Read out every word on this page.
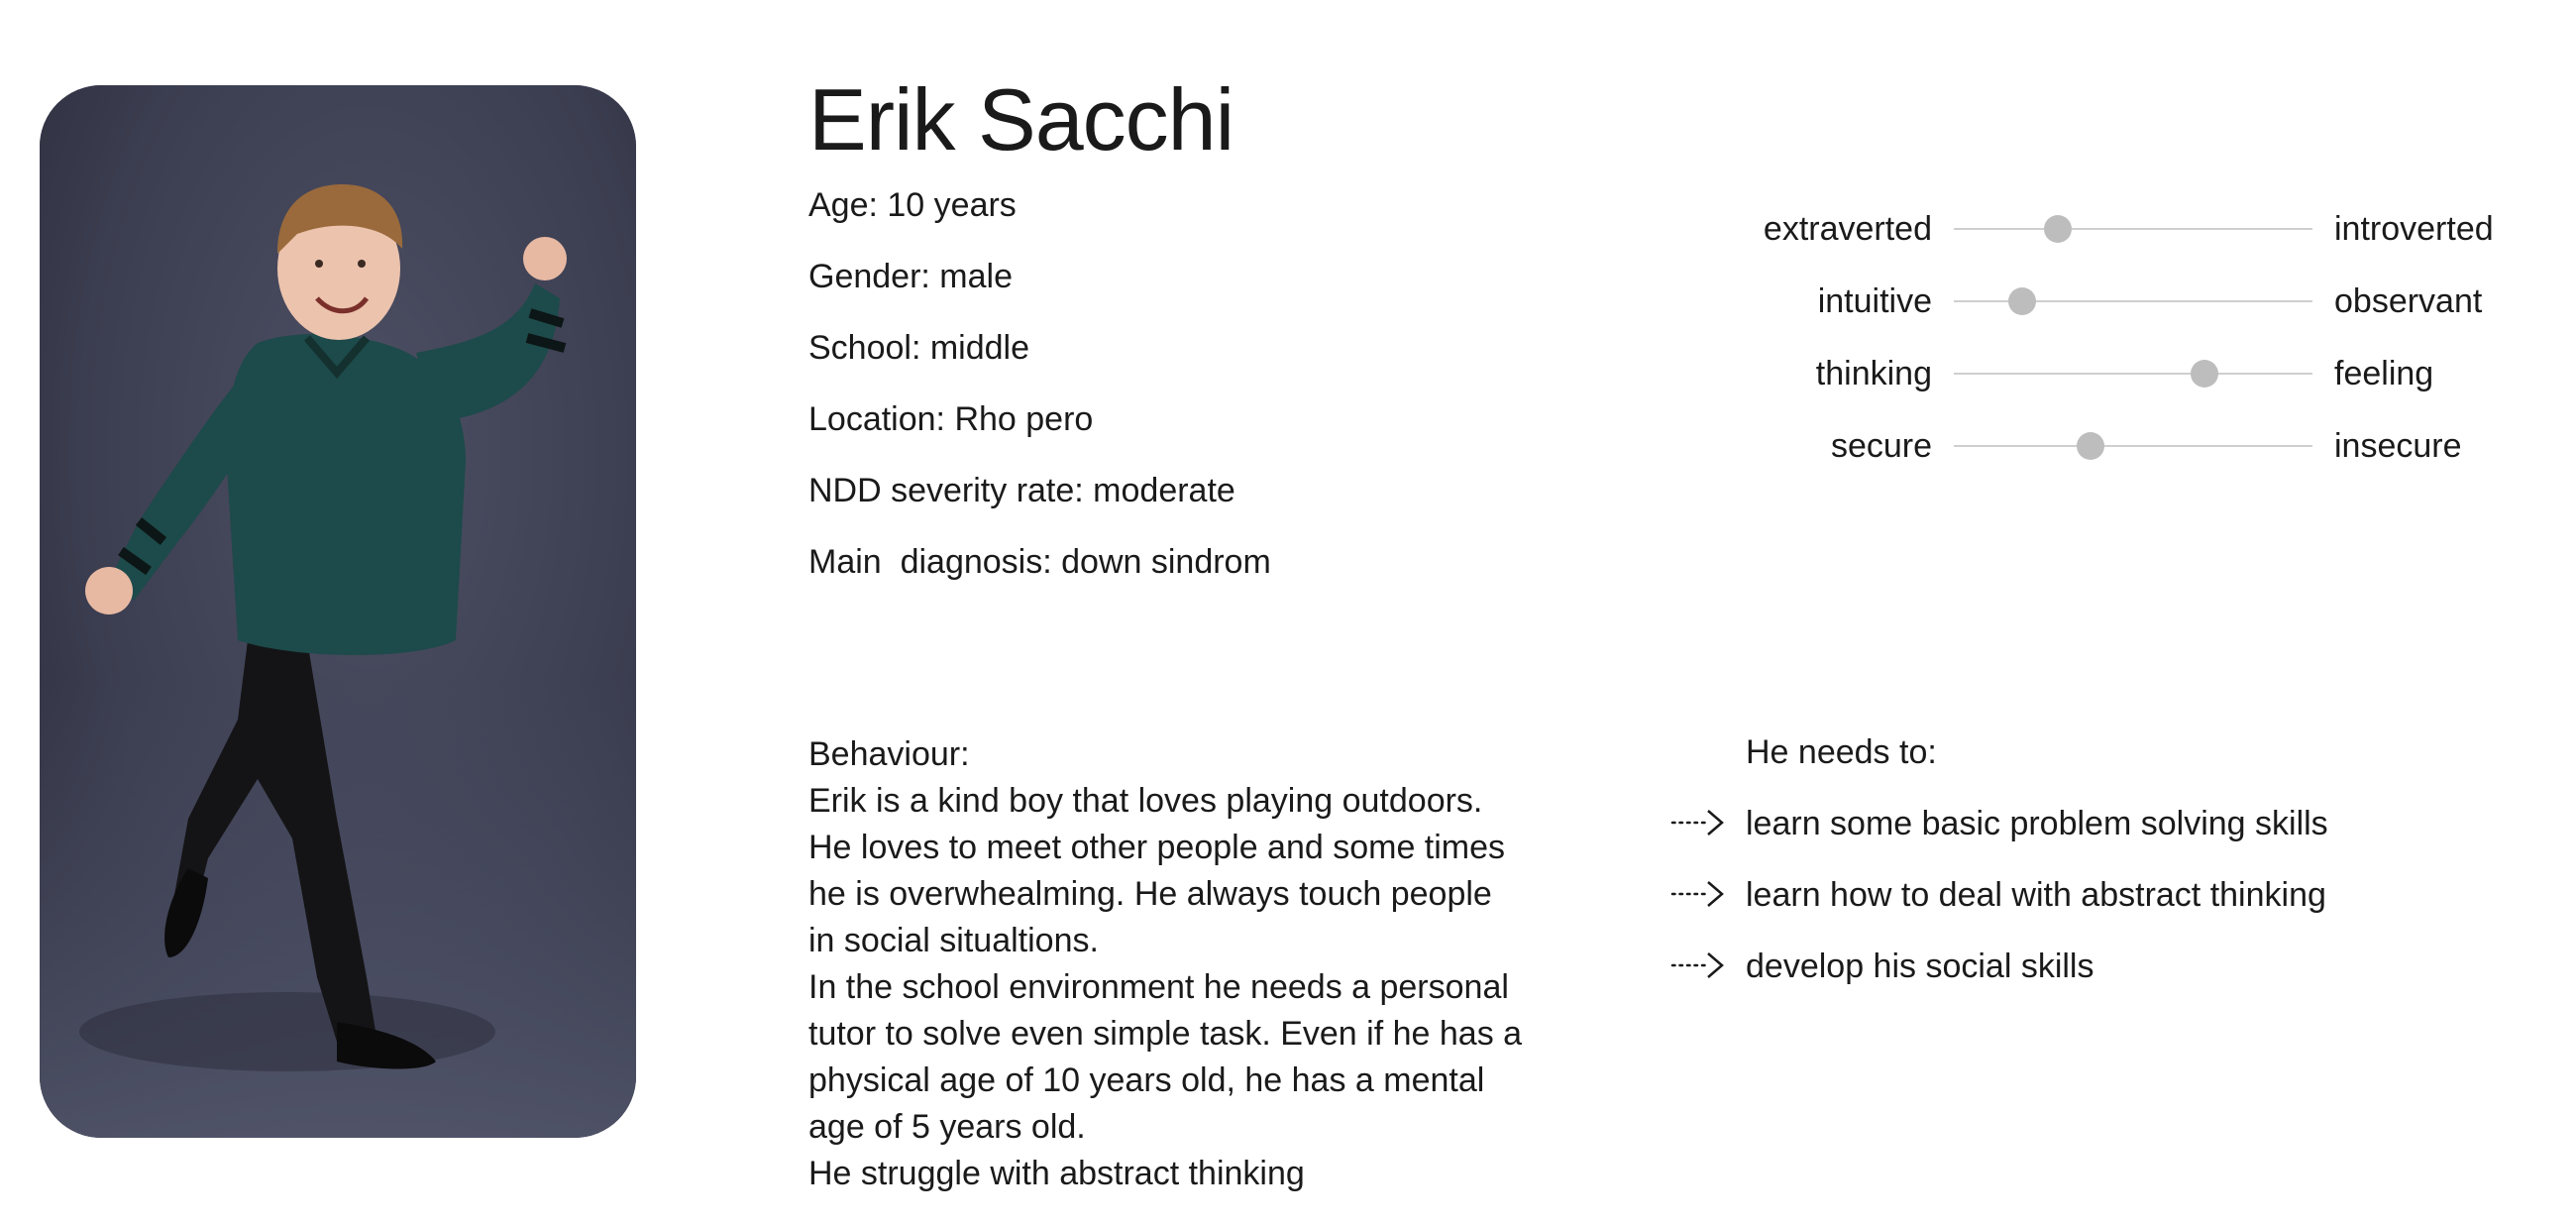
Erik Sacchi
Age: 10 years
Gender: male
School: middle
Location: Rho pero
NDD severity rate: moderate
Main  diagnosis: down sindrom
extraverted	introverted
intuitive	observant
thinking	feeling
secure	insecure

Behaviour:

Erik is a kind boy that loves playing outdoors.

He loves to meet other people and some times

he is overwhealming. He always touch people

in social situaltions.

In the school environment he needs a personal

tutor to solve even simple task. Even if he has a

physical age of 10 years old, he has a mental

age of 5 years old.

He struggle with abstract thinking

He needs to:
learn some basic problem solving skills
learn how to deal with abstract thinking
develop his social skills
